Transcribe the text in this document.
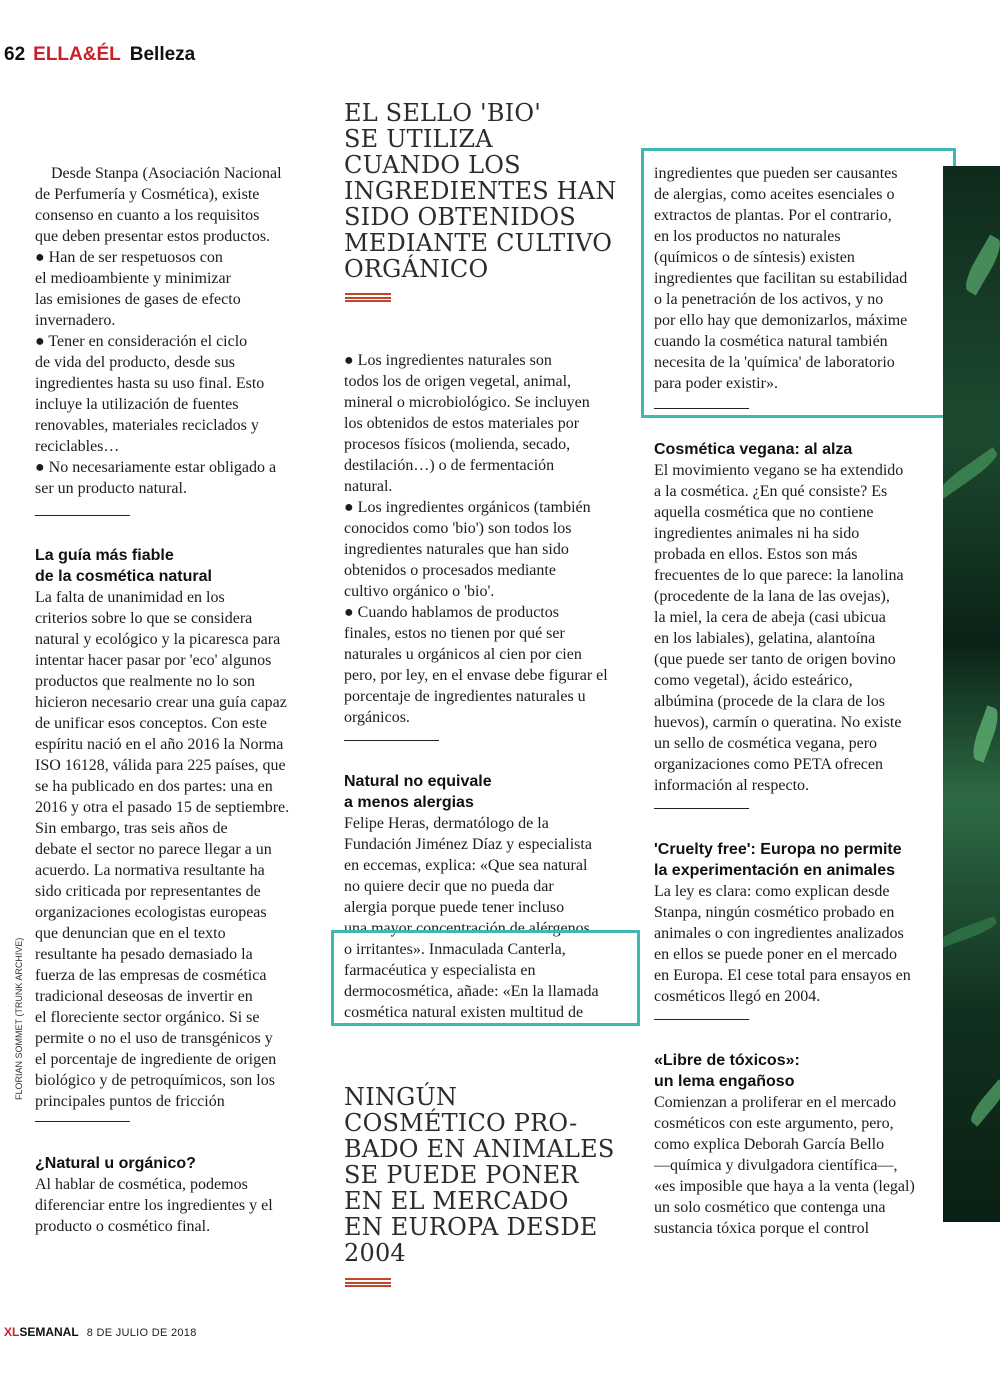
62 ELLA&ÉL Belleza
Desde Stanpa (Asociación Nacional
de Perfumería y Cosmética), existe
consenso en cuanto a los requisitos
que deben presentar estos productos.
● Han de ser respetuosos con
el medioambiente y minimizar
las emisiones de gases de efecto
invernadero.
● Tener en consideración el ciclo
de vida del producto, desde sus
ingredientes hasta su uso final. Esto
incluye la utilización de fuentes
renovables, materiales reciclados y
reciclables…
● No necesariamente estar obligado a
ser un producto natural.
La guía más fiable
de la cosmética natural
La falta de unanimidad en los
criterios sobre lo que se considera
natural y ecológico y la picaresca para
intentar hacer pasar por 'eco' algunos
productos que realmente no lo son
hicieron necesario crear una guía capaz
de unificar esos conceptos. Con este
espíritu nació en el año 2016 la Norma
ISO 16128, válida para 225 países, que
se ha publicado en dos partes: una en
2016 y otra el pasado 15 de septiembre.
Sin embargo, tras seis años de
debate el sector no parece llegar a un
acuerdo. La normativa resultante ha
sido criticada por representantes de
organizaciones ecologistas europeas
que denuncian que en el texto
resultante ha pesado demasiado la
fuerza de las empresas de cosmética
tradicional deseosas de invertir en
el floreciente sector orgánico. Si se
permite o no el uso de transgénicos y
el porcentaje de ingrediente de origen
biológico y de petroquímicos, son los
principales puntos de fricción
¿Natural u orgánico?
Al hablar de cosmética, podemos
diferenciar entre los ingredientes y el
producto o cosmético final.
EL SELLO 'BIO'
SE UTILIZA
CUANDO LOS
INGREDIENTES HAN
SIDO OBTENIDOS
MEDIANTE CULTIVO
ORGÁNICO
● Los ingredientes naturales son
todos los de origen vegetal, animal,
mineral o microbiológico. Se incluyen
los obtenidos de estos materiales por
procesos físicos (molienda, secado,
destilación…) o de fermentación
natural.
● Los ingredientes orgánicos (también
conocidos como 'bio') son todos los
ingredientes naturales que han sido
obtenidos o procesados mediante
cultivo orgánico o 'bio'.
● Cuando hablamos de productos
finales, estos no tienen por qué ser
naturales u orgánicos al cien por cien
pero, por ley, en el envase debe figurar el
porcentaje de ingredientes naturales u
orgánicos.
Natural no equivale
a menos alergias
Felipe Heras, dermatólogo de la
Fundación Jiménez Díaz y especialista
en eccemas, explica: «Que sea natural
no quiere decir que no pueda dar
alergia porque puede tener incluso
una mayor concentración de alérgenos
o irritantes». Inmaculada Canterla,
farmacéutica y especialista en
dermocosmética, añade: «En la llamada
cosmética natural existen multitud de
NINGÚN
COSMÉTICO PRO-
BADO EN ANIMALES
SE PUEDE PONER
EN EL MERCADO
EN EUROPA DESDE
2004
ingredientes que pueden ser causantes
de alergias, como aceites esenciales o
extractos de plantas. Por el contrario,
en los productos no naturales
(químicos o de síntesis) existen
ingredientes que facilitan su estabilidad
o la penetración de los activos, y no
por ello hay que demonizarlos, máxime
cuando la cosmética natural también
necesita de la 'química' de laboratorio
para poder existir».
Cosmética vegana: al alza
El movimiento vegano se ha extendido
a la cosmética. ¿En qué consiste? Es
aquella cosmética que no contiene
ingredientes animales ni ha sido
probada en ellos. Estos son más
frecuentes de lo que parece: la lanolina
(procedente de la lana de las ovejas),
la miel, la cera de abeja (casi ubicua
en los labiales), gelatina, alantoína
(que puede ser tanto de origen bovino
como vegetal), ácido esteárico,
albúmina (procede de la clara de los
huevos), carmín o queratina. No existe
un sello de cosmética vegana, pero
organizaciones como PETA ofrecen
información al respecto.
'Cruelty free': Europa no permite
la experimentación en animales
La ley es clara: como explican desde
Stanpa, ningún cosmético probado en
animales o con ingredientes analizados
en ellos se puede poner en el mercado
en Europa. El cese total para ensayos en
cosméticos llegó en 2004.
«Libre de tóxicos»:
un lema engañoso
Comienzan a proliferar en el mercado
cosméticos con este argumento, pero,
como explica Deborah García Bello
—química y divulgadora científica—,
«es imposible que haya a la venta (legal)
un solo cosmético que contenga una
sustancia tóxica porque el control
FLORIAN SOMMET (TRUNK ARCHIVE)
XLSEMANAL 8 DE JULIO DE 2018
